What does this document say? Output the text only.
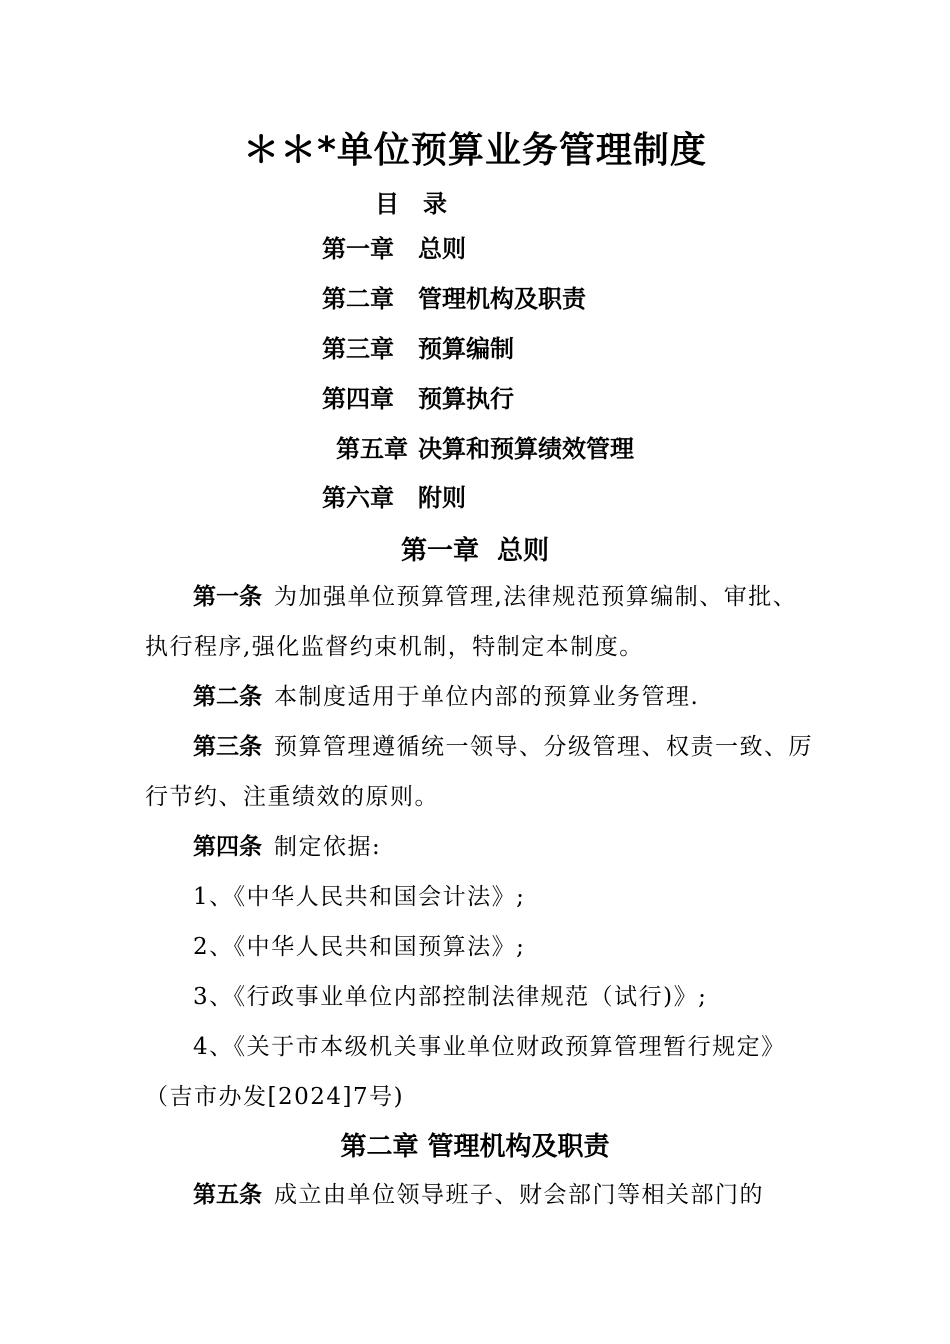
＊＊*单位预算业务管理制度
目　录
第一章 总则
第二章 管理机构及职责
第三章 预算编制
第四章 预算执行
第五章 决算和预算绩效管理
第六章 附则
第一章  总则

第一条 为加强单位预算管理,法律规范预算编制、审批、执行程序,强化监督约束机制，特制定本制度。

第二条 本制度适用于单位内部的预算业务管理.

第三条 预算管理遵循统一领导、分级管理、权责一致、厉行节约、注重绩效的原则。

第四条 制定依据:

1、《中华人民共和国会计法》;

2、《中华人民共和国预算法》;

3、《行政事业单位内部控制法律规范（试行)》;

4、《关于市本级机关事业单位财政预算管理暂行规定》（吉市办发[2024]7号)

第二章 管理机构及职责

第五条 成立由单位领导班子、财会部门等相关部门的
